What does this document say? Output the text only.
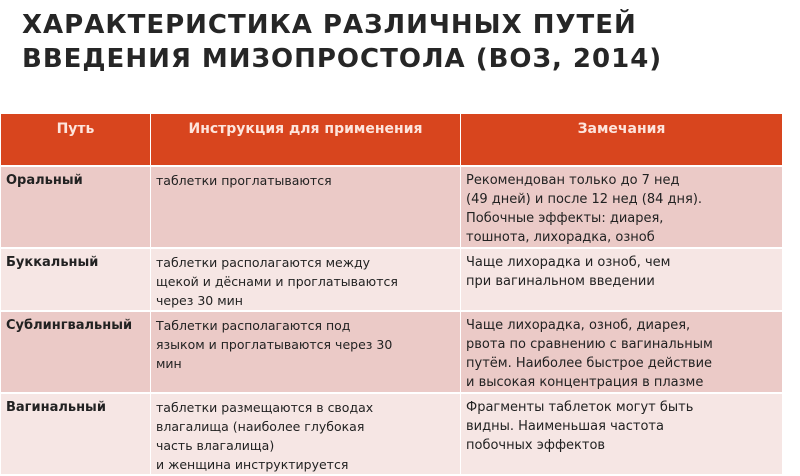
ХАРАКТЕРИСТИКА РАЗЛИЧНЫХ ПУТЕЙ
ВВЕДЕНИЯ МИЗОПРОСТОЛА (ВОЗ, 2014)
Путь	Инструкция для применения	Замечания
Оральный	таблетки проглатываются	Рекомендован только до 7 нед
(49 дней) и после 12 нед (84 дня).
Побочные эффекты: диарея,
тошнота, лихорадка, озноб
Буккальный	таблетки располагаются между
щекой и дёснами и проглатываются
через 30 мин	Чаще лихорадка и озноб, чем
при вагинальном введении
Сублингвальный	Таблетки располагаются под
языком и проглатываются через 30
мин	Чаще лихорадка, озноб, диарея,
рвота по сравнению с вагинальным
путём. Наиболее быстрое действие
и высокая концентрация в плазме
Вагинальный	таблетки размещаются в сводах
влагалища (наиболее глубокая
часть влагалища)
и женщина инструктируется	Фрагменты таблеток могут быть
видны. Наименьшая частота
побочных эффектов
